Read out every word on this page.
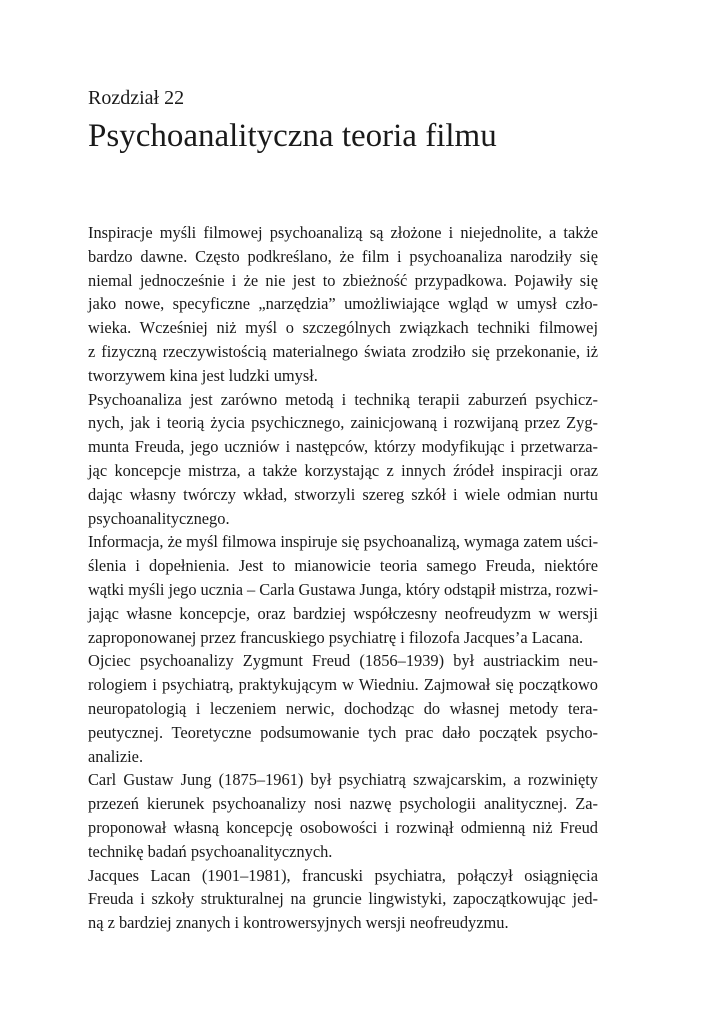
Rozdział 22
Psychoanalityczna teoria filmu
Inspiracje myśli filmowej psychoanalizą są złożone i niejednolite, a także
bardzo dawne. Często podkreślano, że film i psychoanaliza narodziły się
niemal jednocześnie i że nie jest to zbieżność przypadkowa. Pojawiły się
jako nowe, specyficzne „narzędzia” umożliwiające wgląd w umysł czło-
wieka. Wcześniej niż myśl o szczególnych związkach techniki filmowej
z fizyczną rzeczywistością materialnego świata zrodziło się przekonanie, iż
tworzywem kina jest ludzki umysł.
Psychoanaliza jest zarówno metodą i techniką terapii zaburzeń psychicz-
nych, jak i teorią życia psychicznego, zainicjowaną i rozwijaną przez Zyg-
munta Freuda, jego uczniów i następców, którzy modyfikując i przetwarza-
jąc koncepcje mistrza, a także korzystając z innych źródeł inspiracji oraz
dając własny twórczy wkład, stworzyli szereg szkół i wiele odmian nurtu
psychoanalitycznego.
Informacja, że myśl filmowa inspiruje się psychoanalizą, wymaga zatem uści-
ślenia i dopełnienia. Jest to mianowicie teoria samego Freuda, niektóre
wątki myśli jego ucznia – Carla Gustawa Junga, który odstąpił mistrza, rozwi-
jając własne koncepcje, oraz bardziej współczesny neofreudyzm w wersji
zaproponowanej przez francuskiego psychiatrę i filozofa Jacques’a Lacana.
Ojciec psychoanalizy Zygmunt Freud (1856–1939) był austriackim neu-
rologiem i psychiatrą, praktykującym w Wiedniu. Zajmował się początkowo
neuropatologią i leczeniem nerwic, dochodząc do własnej metody tera-
peutycznej. Teoretyczne podsumowanie tych prac dało początek psycho-
analizie.
Carl Gustaw Jung (1875–1961) był psychiatrą szwajcarskim, a rozwinięty
przezeń kierunek psychoanalizy nosi nazwę psychologii analitycznej. Za-
proponował własną koncepcję osobowości i rozwinął odmienną niż Freud
technikę badań psychoanalitycznych.
Jacques Lacan (1901–1981), francuski psychiatra, połączył osiągnięcia
Freuda i szkoły strukturalnej na gruncie lingwistyki, zapoczątkowując jed-
ną z bardziej znanych i kontrowersyjnych wersji neofreudyzmu.
